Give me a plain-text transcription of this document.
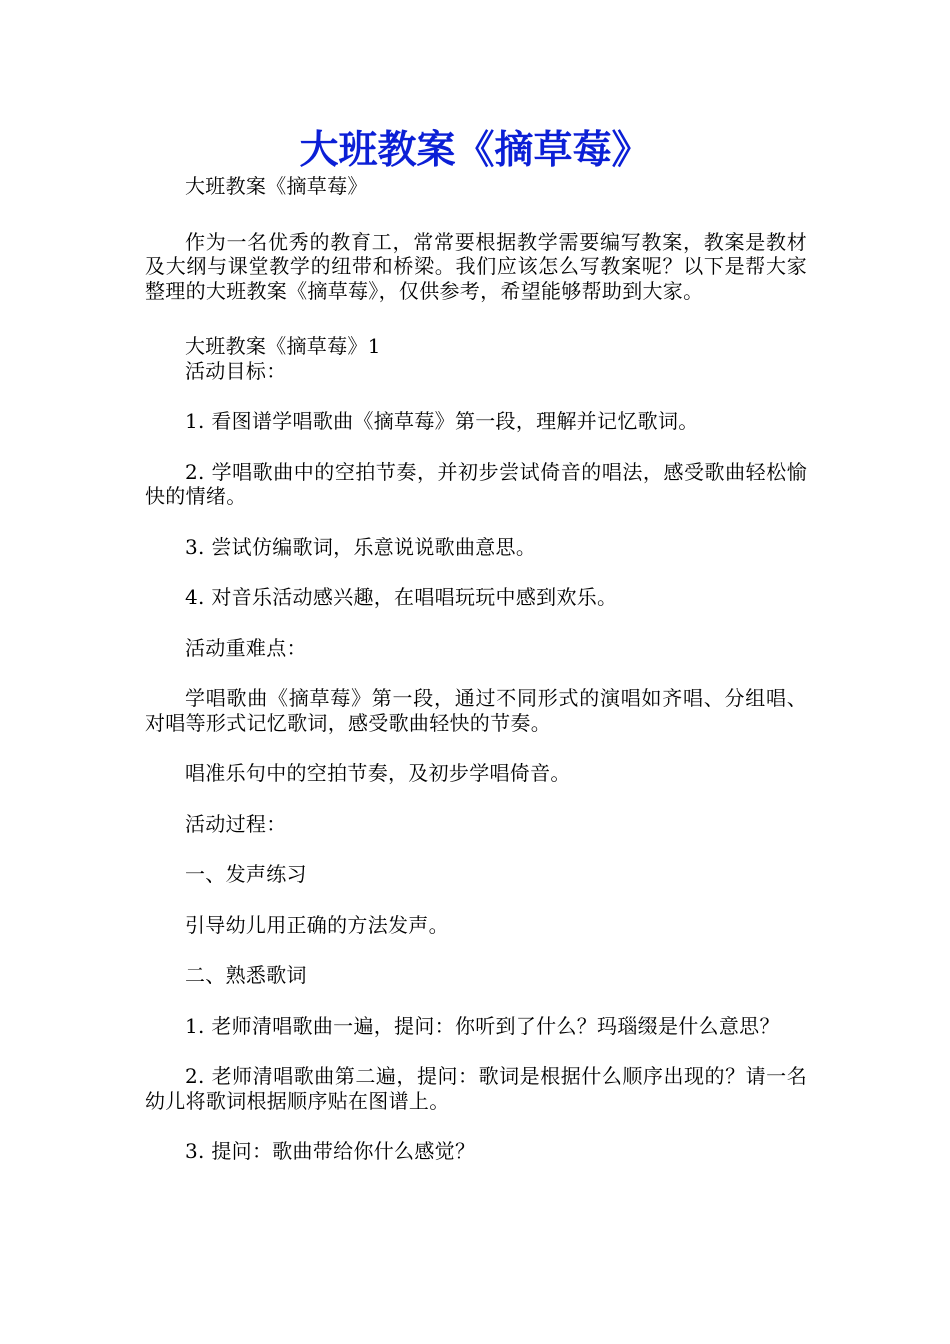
大班教案《摘草莓》

大班教案《摘草莓》

作为一名优秀的教育工，常常要根据教学需要编写教案，教案是教材及大纲与课堂教学的纽带和桥梁。我们应该怎么写教案呢？以下是帮大家整理的大班教案《摘草莓》，仅供参考，希望能够帮助到大家。

大班教案《摘草莓》1

活动目标：

1. 看图谱学唱歌曲《摘草莓》第一段，理解并记忆歌词。

2. 学唱歌曲中的空拍节奏，并初步尝试倚音的唱法，感受歌曲轻松愉快的情绪。

3. 尝试仿编歌词，乐意说说歌曲意思。

4. 对音乐活动感兴趣，在唱唱玩玩中感到欢乐。

活动重难点：

学唱歌曲《摘草莓》第一段，通过不同形式的演唱如齐唱、分组唱、对唱等形式记忆歌词，感受歌曲轻快的节奏。

唱准乐句中的空拍节奏，及初步学唱倚音。

活动过程：

一、发声练习

引导幼儿用正确的方法发声。

二、熟悉歌词

1. 老师清唱歌曲一遍，提问：你听到了什么？玛瑙缀是什么意思？

2. 老师清唱歌曲第二遍，提问：歌词是根据什么顺序出现的？请一名幼儿将歌词根据顺序贴在图谱上。

3. 提问：歌曲带给你什么感觉？
